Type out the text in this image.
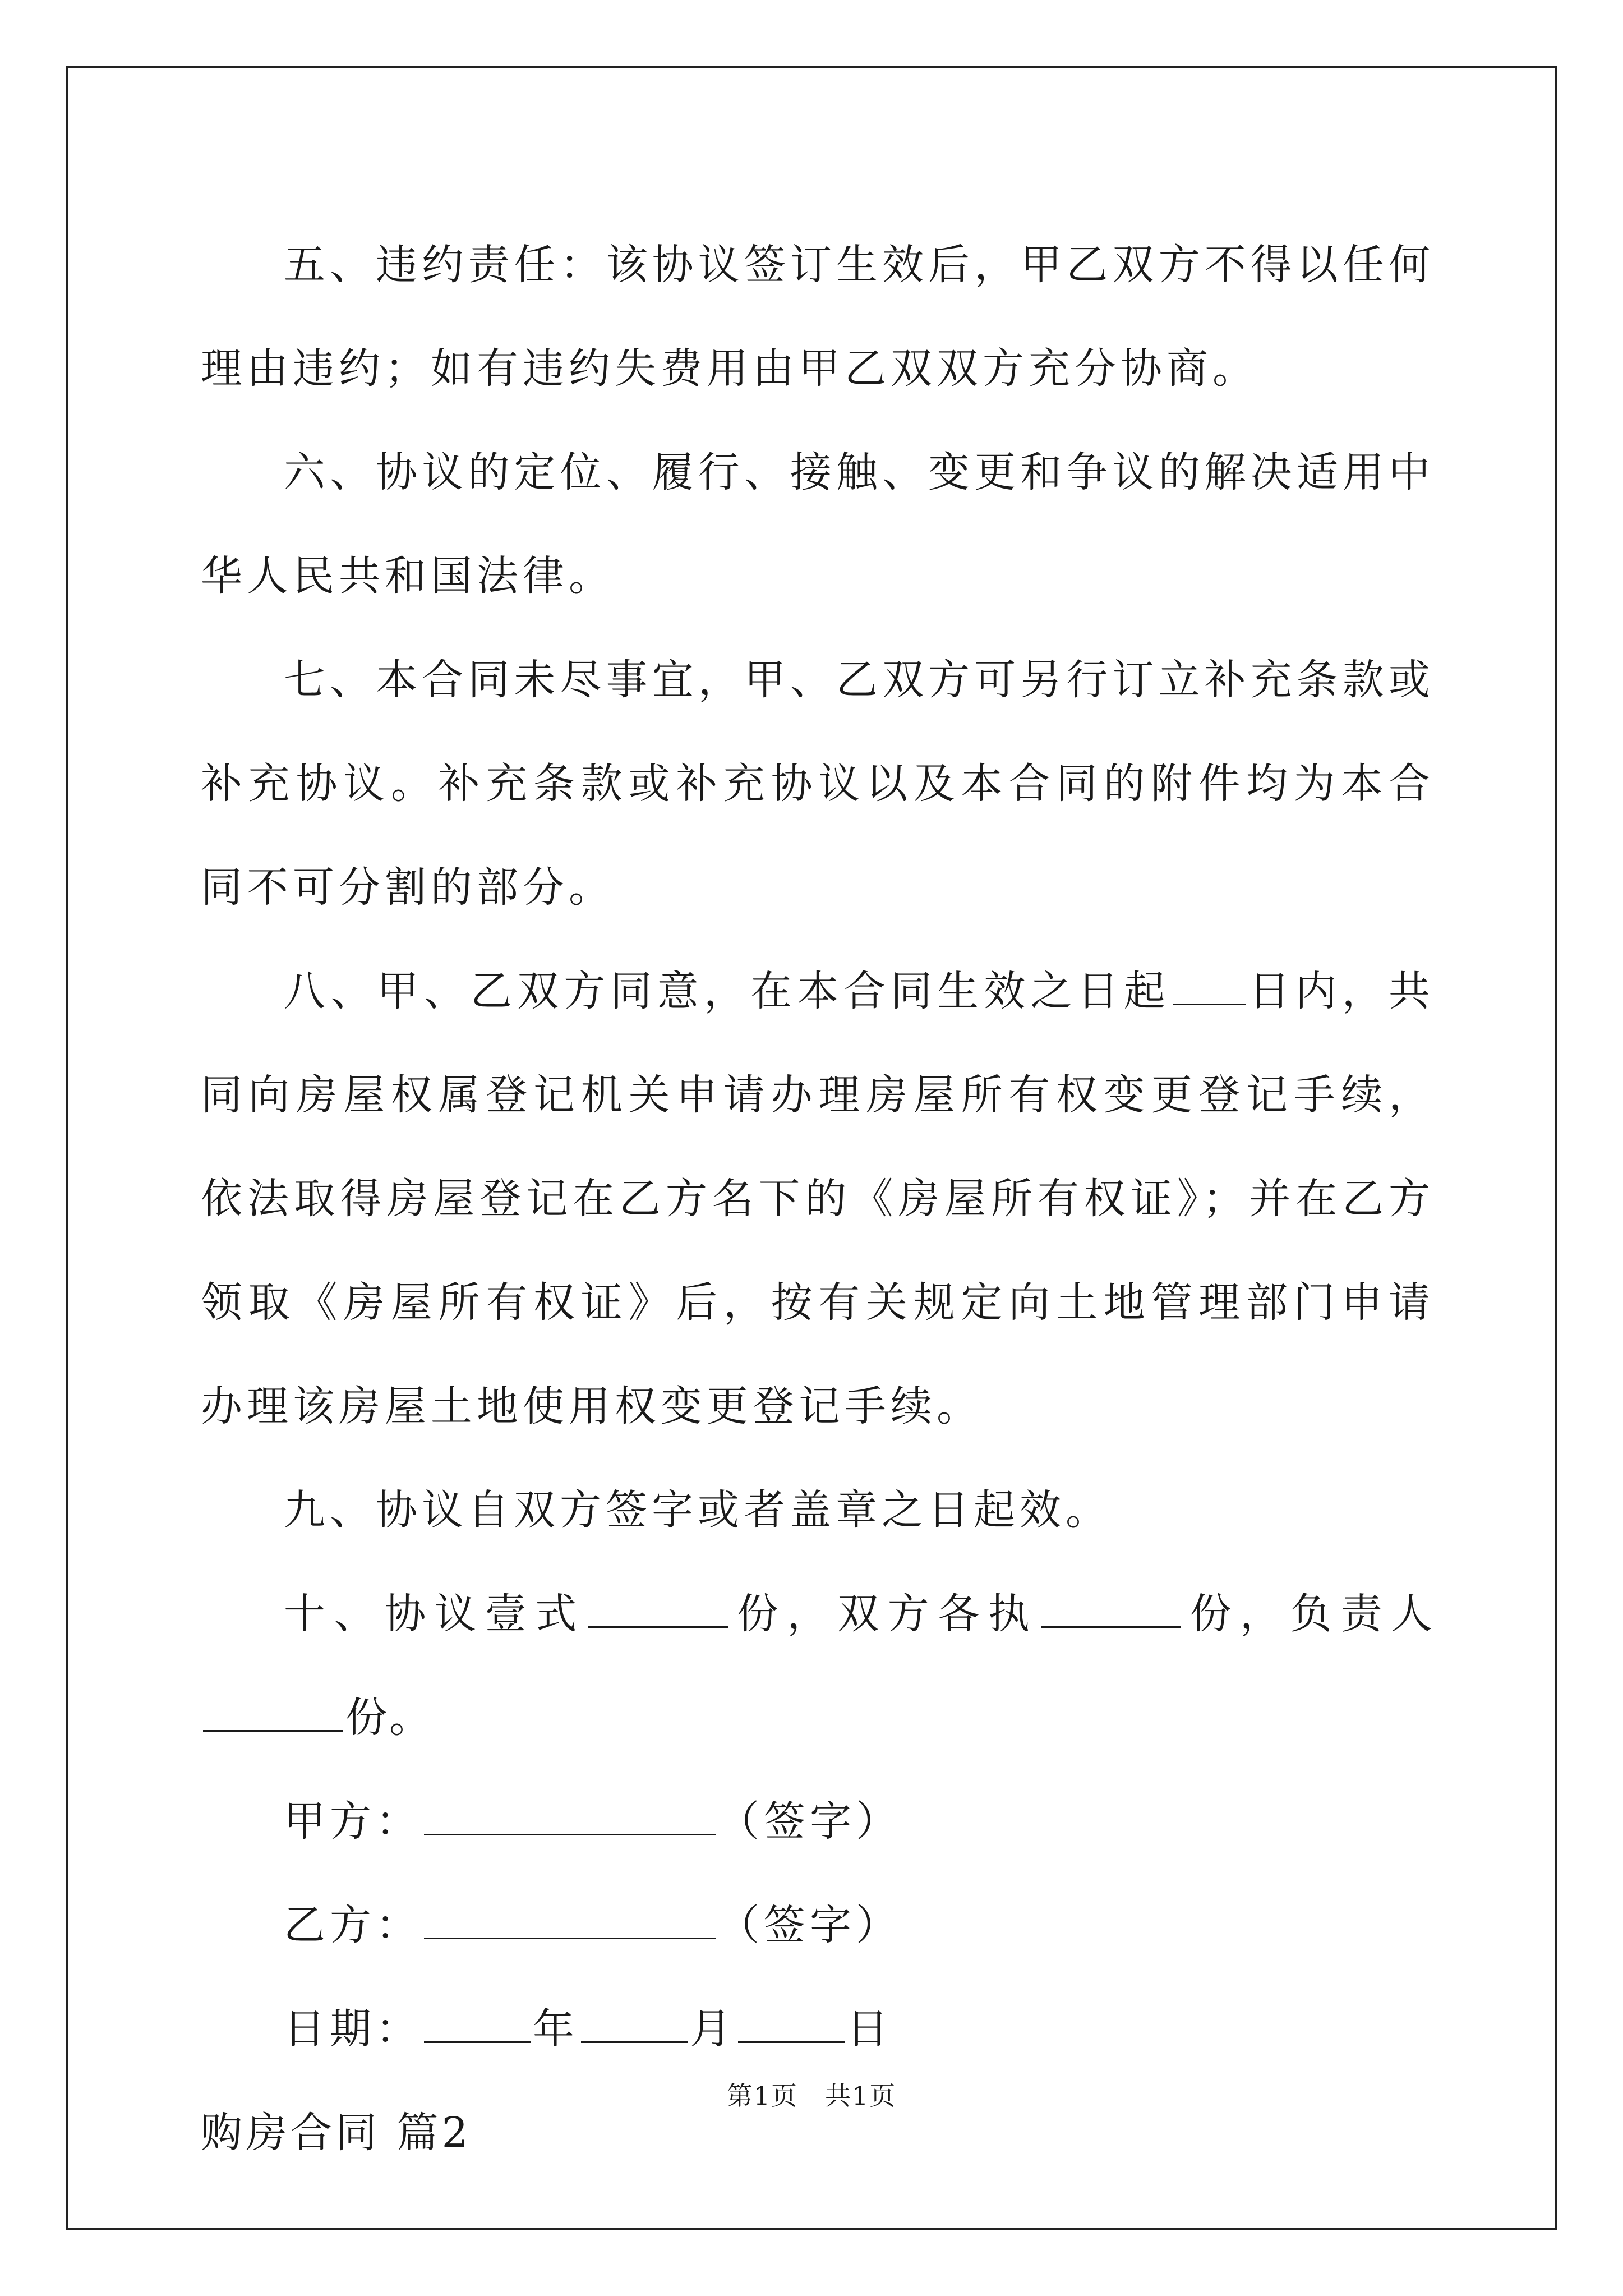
五、违约责任：该协议签订生效后，甲乙双方不得以任何理由违约；如有违约失费用由甲乙双双方充分协商。

六、协议的定位、履行、接触、变更和争议的解决适用中华人民共和国法律。

七、本合同未尽事宜，甲、乙双方可另行订立补充条款或补充协议。补充条款或补充协议以及本合同的附件均为本合同不可分割的部分。

八、甲、乙双方同意，在本合同生效之日起 日内，共同向房屋权属登记机关申请办理房屋所有权变更登记手续，依法取得房屋登记在乙方名下的《房屋所有权证》；并在乙方领取《房屋所有权证》后，按有关规定向土地管理部门申请办理该房屋土地使用权变更登记手续。

九、协议自双方签字或者盖章之日起效。

十、协议壹式	份，双方各执	份，负责人份。

甲方：	（签字）

乙方：	（签字）

日期：	年	月	日

购房合同 篇2

第1页　共1页
